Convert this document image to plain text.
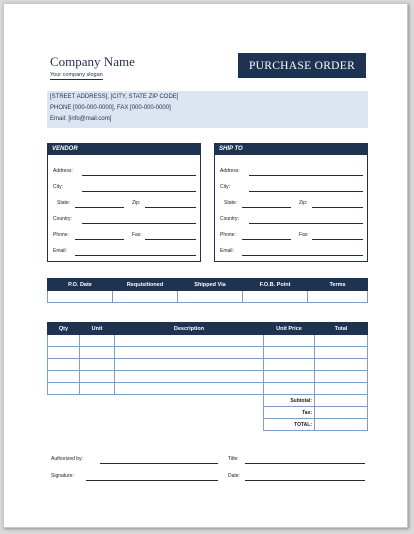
Company Name
Your company slogan
PURCHASE ORDER
[STREET ADDRESS], [CITY, STATE ZIP CODE]
PHONE [000-000-0000], FAX [000-000-0000]
Email: [info@mail.com]
VENDOR
Address:
City:
State:	Zip:
Country:
Phone:	Fax:
Email:
SHIP TO
Address:
City:
State:	Zip:
Country:
Phone:	Fax:
Email:
P.O. Date	Requisitioned	Shipped Via	F.O.B. Point	Terms

Qty	Unit	Description	Unit Price	Total

			Subtotal:	
			Tax:	
			TOTAL:	
Authorized by:	Title:
Signature:	Date:
